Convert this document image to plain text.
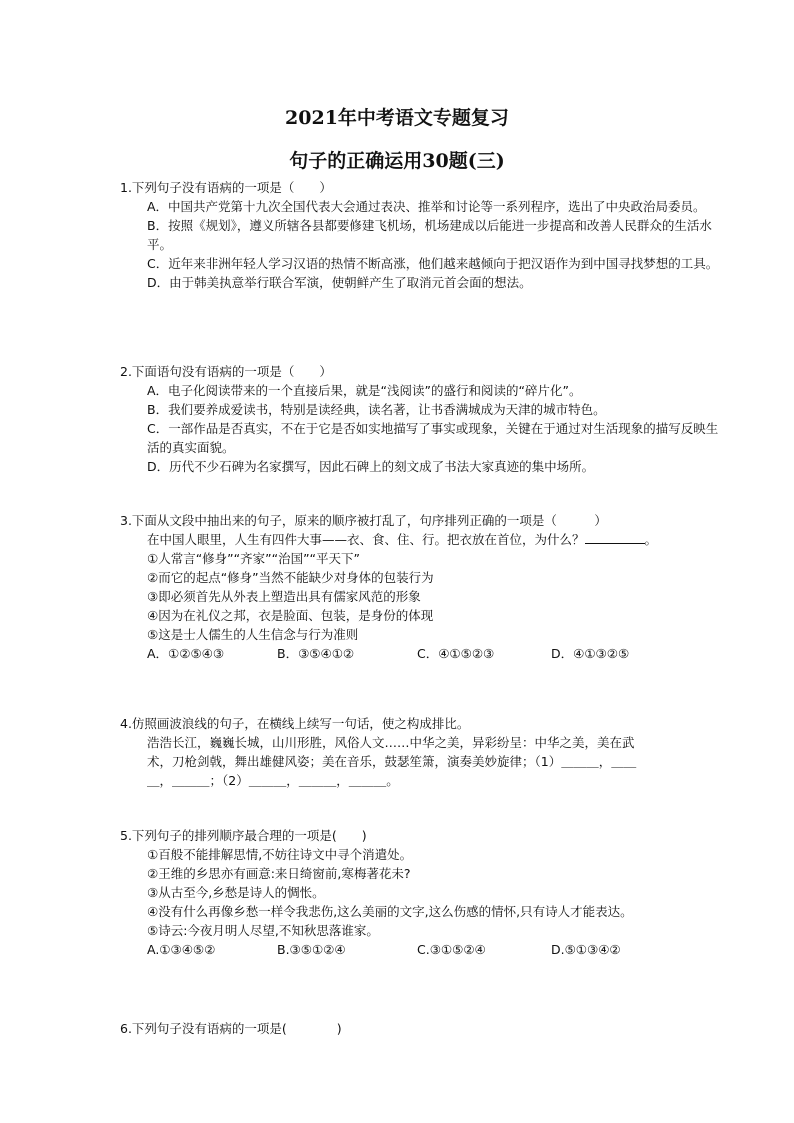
2021年中考语文专题复习
句子的正确运用30题(三)

1.下列句子没有语病的一项是（　　）

A．中国共产党第十九次全国代表大会通过表决、推举和讨论等一系列程序，选出了中央政治局委员。

B．按照《规划》，遵义所辖各县都要修建飞机场，机场建成以后能进一步提高和改善人民群众的生活水平。

C．近年来非洲年轻人学习汉语的热情不断高涨，他们越来越倾向于把汉语作为到中国寻找梦想的工具。

D．由于韩美执意举行联合军演，使朝鲜产生了取消元首会面的想法。

2.下面语句没有语病的一项是（　　）

A．电子化阅读带来的一个直接后果，就是“浅阅读”的盛行和阅读的“碎片化”。

B．我们要养成爱读书，特别是读经典，读名著，让书香满城成为天津的城市特色。

C．一部作品是否真实，不在于它是否如实地描写了事实或现象，关键在于通过对生活现象的描写反映生活的真实面貌。

D．历代不少石碑为名家撰写，因此石碑上的刻文成了书法大家真迹的集中场所。

3.下面从文段中抽出来的句子，原来的顺序被打乱了，句序排列正确的一项是（　　　）

在中国人眼里，人生有四件大事——衣、食、住、行。把衣放在首位，为什么？	。

①人常言“修身”“齐家”“治国”“平天下”

②而它的起点“修身”当然不能缺少对身体的包装行为

③即必须首先从外表上塑造出具有儒家风范的形象

④因为在礼仪之邦，衣是脸面、包装，是身份的体现

⑤这是士人儒生的人生信念与行为准则

A．①②⑤④③	B．③⑤④①②	C．④①⑤②③	D．④①③②⑤

4.仿照画波浪线的句子，在横线上续写一句话，使之构成排比。

浩浩长江，巍巍长城，山川形胜，风俗人文……中华之美，异彩纷呈：中华之美，美在武

术，刀枪剑戟，舞出雄健风姿；美在音乐，鼓瑟笙箫，演奏美妙旋律；（1）＿＿＿，＿＿

＿，＿＿＿；（2）＿＿＿，＿＿＿，＿＿＿。

5.下列句子的排列顺序最合理的一项是(　　)

①百般不能排解思情,不妨往诗文中寻个消遣处。

②王维的乡思亦有画意:来日绮窗前,寒梅著花未?

③从古至今,乡愁是诗人的惆怅。

④没有什么再像乡愁一样令我悲伤,这么美丽的文字,这么伤感的情怀,只有诗人才能表达。

⑤诗云:今夜月明人尽望,不知秋思落谁家。

A.①③④⑤②	B.③⑤①②④	C.③①⑤②④	D.⑤①③④②

6.下列句子没有语病的一项是(　　　　)
